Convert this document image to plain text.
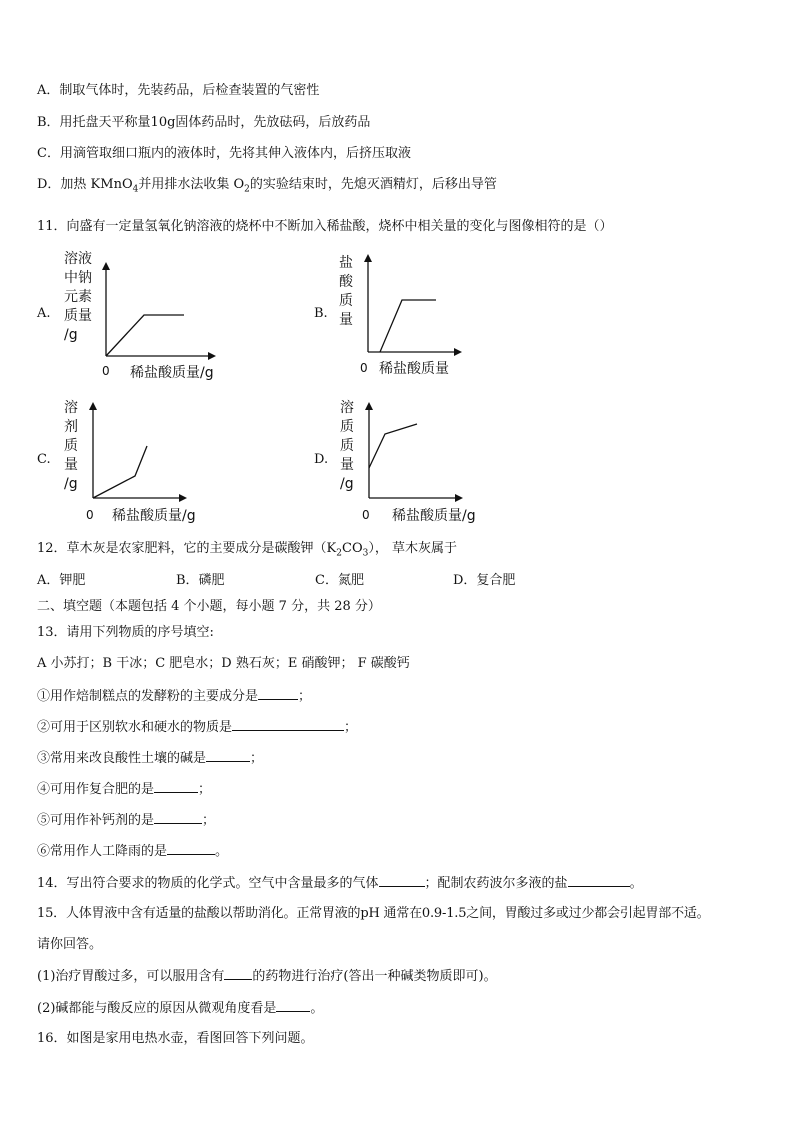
A．制取气体时，先装药品，后检查装置的气密性
B．用托盘天平称量10g固体药品时，先放砝码，后放药品
C．用滴管取细口瓶内的液体时，先将其伸入液体内，后挤压取液
D．加热 KMnO$_4$并用排水法收集 $O_2$的实验结束时，先熄灭酒精灯，后移出导管
11．向盛有一定量氢氧化钠溶液的烧杯中不断加入稀盐酸，烧杯中相关量的变化与图像相符的是（）
A.
溶液
中钠
元素
质量
/g
0 稀盐酸质量/g
B.
盐
酸
质
量
0 稀盐酸质量
C.
溶
剂
质
量
/g
0 稀盐酸质量/g
D.
溶
质
质
量
/g
0 稀盐酸质量/g
12．草木灰是农家肥料，它的主要成分是碳酸钾$(K_2CO_3)$， 草木灰属于
A．钾肥	B．磷肥	C．氮肥	D．复合肥
二、填空题（本题包括 4 个小题，每小题 7 分，共 28 分）
13．请用下列物质的序号填空:
A 小苏打；B 干冰；C 肥皂水；D 熟石灰；E 硝酸钾； F 碳酸钙
①用作焙制糕点的发酵粉的主要成分是	；
②可用于区别软水和硬水的物质是	；
③常用来改良酸性土壤的碱是	；
④可用作复合肥的是	；
⑤可用作补钙剂的是	；
⑥常用作人工降雨的是	。
14．写出符合要求的物质的化学式。空气中含量最多的气体	；配制农药波尔多液的盐	。
15．人体胃液中含有适量的盐酸以帮助消化。正常胃液的pH 通常在0.9-1.5之间，胃酸过多或过少都会引起胃部不适。
请你回答。
(1)治疗胃酸过多，可以服用含有 的药物进行治疗(答出一种碱类物质即可)。
(2)碱都能与酸反应的原因从微观角度看是	。
16．如图是家用电热水壶，看图回答下列问题。
